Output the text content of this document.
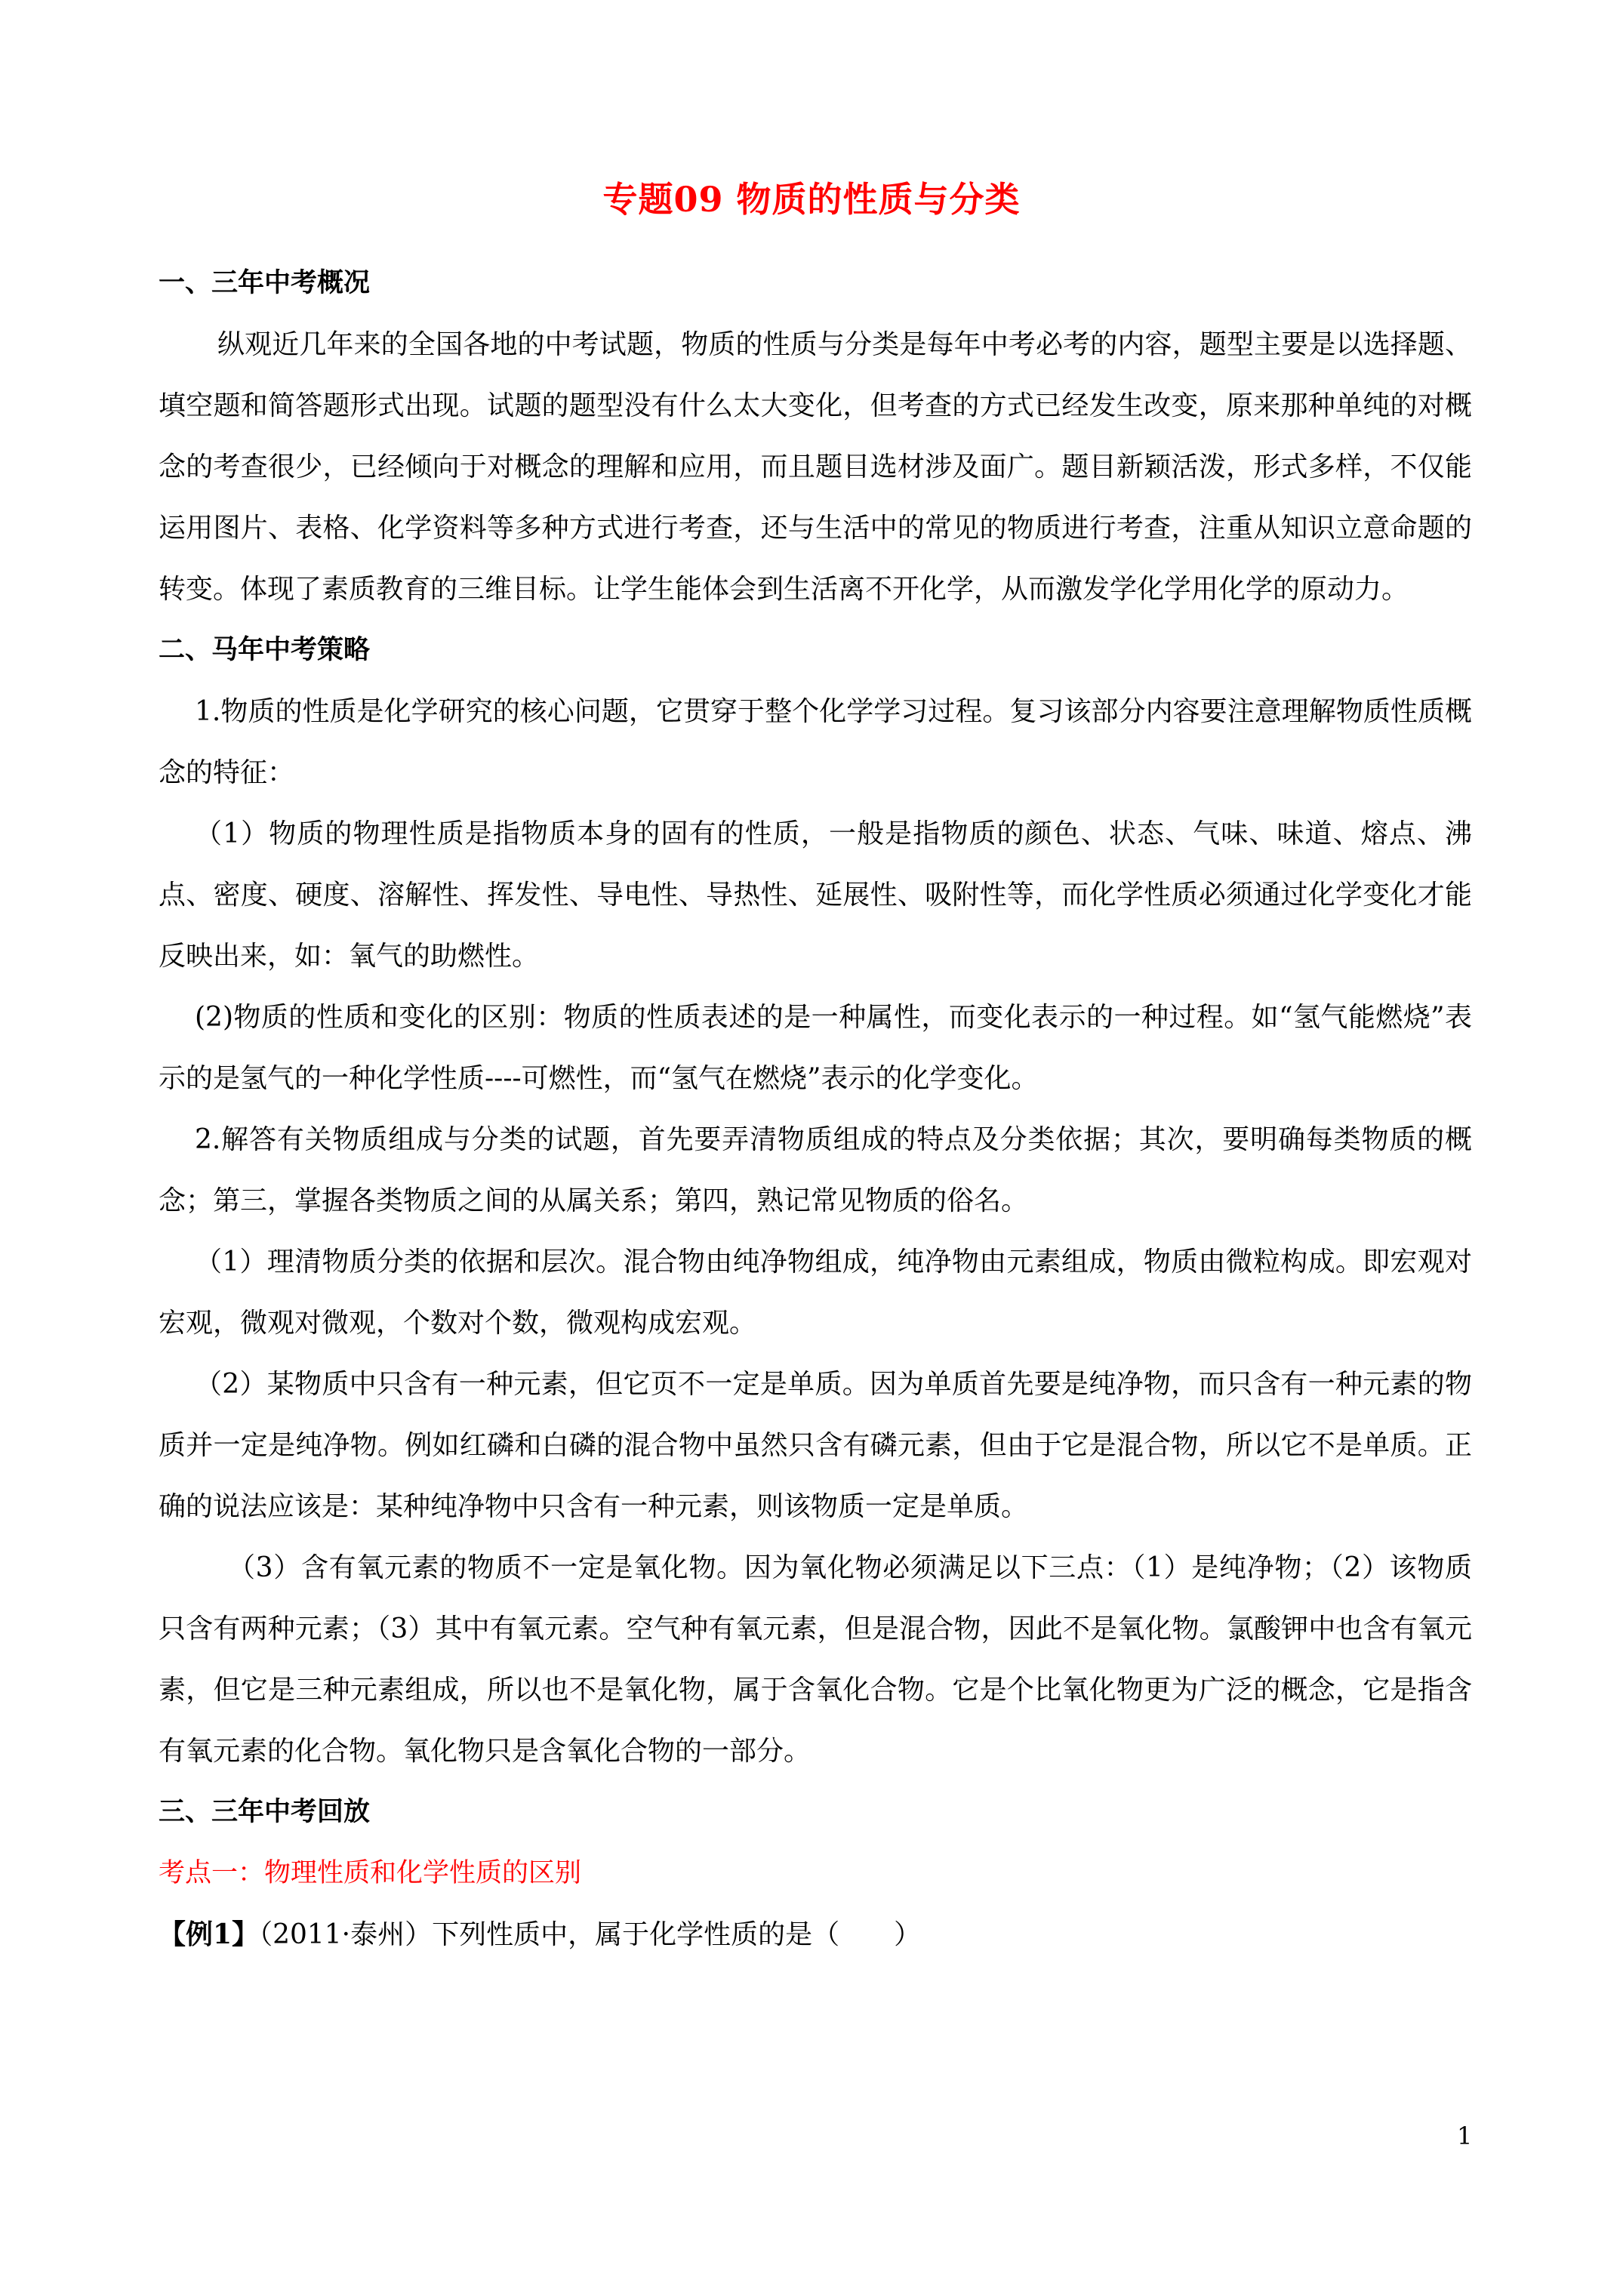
专题09 物质的性质与分类

一、三年中考概况

纵观近几年来的全国各地的中考试题，物质的性质与分类是每年中考必考的内容，题型主要是以选择题、填空题和简答题形式出现。试题的题型没有什么太大变化，但考查的方式已经发生改变，原来那种单纯的对概念的考查很少，已经倾向于对概念的理解和应用，而且题目选材涉及面广。题目新颖活泼，形式多样，不仅能运用图片、表格、化学资料等多种方式进行考查，还与生活中的常见的物质进行考查，注重从知识立意命题的转变。体现了素质教育的三维目标。让学生能体会到生活离不开化学，从而激发学化学用化学的原动力。

二、马年中考策略

1.物质的性质是化学研究的核心问题，它贯穿于整个化学学习过程。复习该部分内容要注意理解物质性质概念的特征：

（1）物质的物理性质是指物质本身的固有的性质，一般是指物质的颜色、状态、气味、味道、熔点、沸点、密度、硬度、溶解性、挥发性、导电性、导热性、延展性、吸附性等，而化学性质必须通过化学变化才能反映出来，如：氧气的助燃性。

(2)物质的性质和变化的区别：物质的性质表述的是一种属性，而变化表示的一种过程。如“氢气能燃烧”表示的是氢气的一种化学性质----可燃性，而“氢气在燃烧”表示的化学变化。

2.解答有关物质组成与分类的试题，首先要弄清物质组成的特点及分类依据；其次，要明确每类物质的概念；第三，掌握各类物质之间的从属关系；第四，熟记常见物质的俗名。

（1）理清物质分类的依据和层次。混合物由纯净物组成，纯净物由元素组成，物质由微粒构成。即宏观对宏观，微观对微观，个数对个数，微观构成宏观。

（2）某物质中只含有一种元素，但它页不一定是单质。因为单质首先要是纯净物，而只含有一种元素的物质并一定是纯净物。例如红磷和白磷的混合物中虽然只含有磷元素，但由于它是混合物，所以它不是单质。正确的说法应该是：某种纯净物中只含有一种元素，则该物质一定是单质。

（3）含有氧元素的物质不一定是氧化物。因为氧化物必须满足以下三点：（1）是纯净物；（2）该物质只含有两种元素；（3）其中有氧元素。空气种有氧元素，但是混合物，因此不是氧化物。氯酸钾中也含有氧元素，但它是三种元素组成，所以也不是氧化物，属于含氧化合物。它是个比氧化物更为广泛的概念，它是指含有氧元素的化合物。氧化物只是含氧化合物的一部分。

三、三年中考回放

考点一：物理性质和化学性质的区别

【例1】（2011·泰州）下列性质中，属于化学性质的是（　　）

1
